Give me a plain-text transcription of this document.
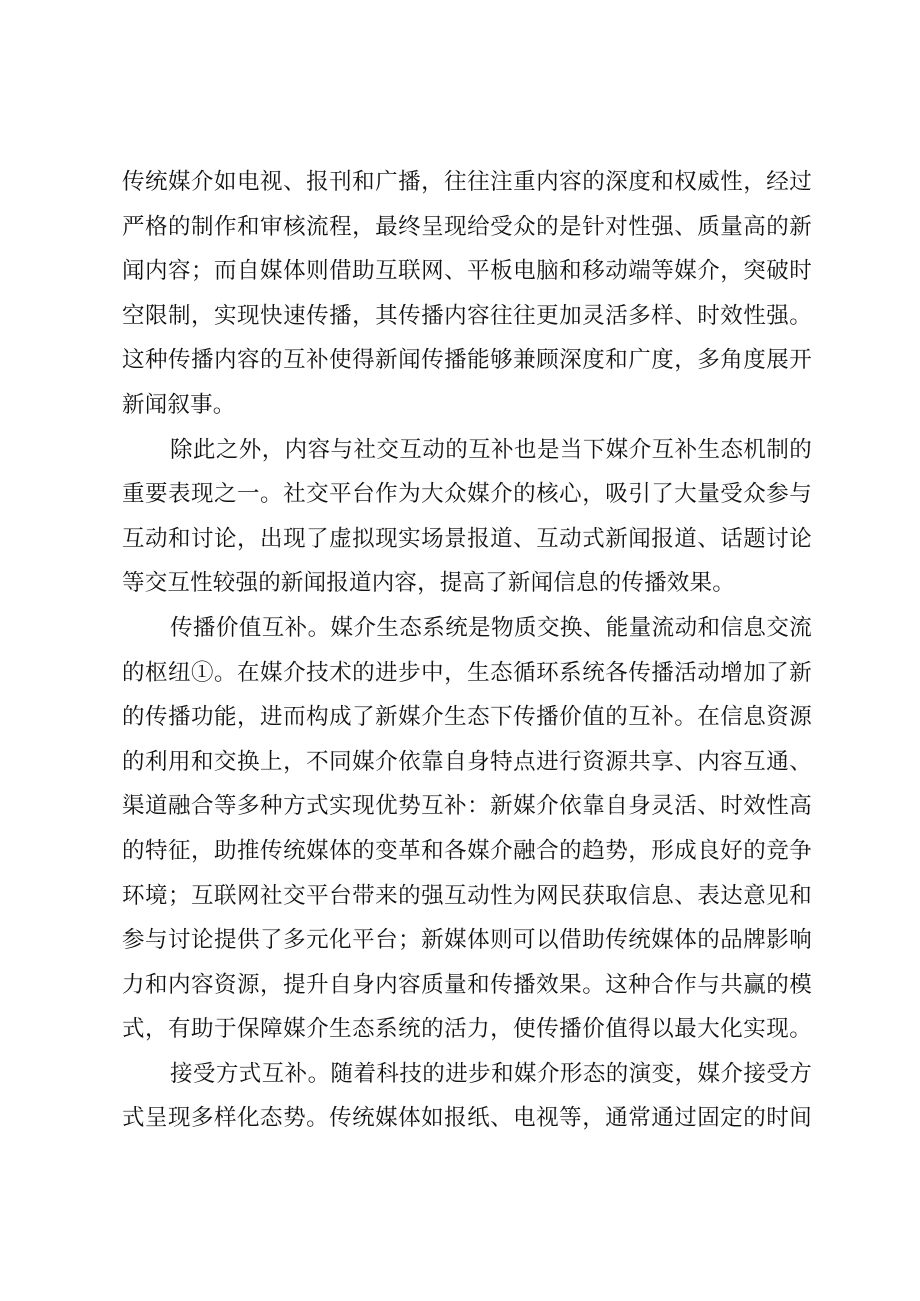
传统媒介如电视、报刊和广播，往往注重内容的深度和权威性，经过
严格的制作和审核流程，最终呈现给受众的是针对性强、质量高的新
闻内容；而自媒体则借助互联网、平板电脑和移动端等媒介，突破时
空限制，实现快速传播，其传播内容往往更加灵活多样、时效性强。
这种传播内容的互补使得新闻传播能够兼顾深度和广度，多角度展开
新闻叙事。
除此之外，内容与社交互动的互补也是当下媒介互补生态机制的
重要表现之一。社交平台作为大众媒介的核心，吸引了大量受众参与
互动和讨论，出现了虚拟现实场景报道、互动式新闻报道、话题讨论
等交互性较强的新闻报道内容，提高了新闻信息的传播效果。
传播价值互补。媒介生态系统是物质交换、能量流动和信息交流
的枢纽①。在媒介技术的进步中，生态循环系统各传播活动增加了新
的传播功能，进而构成了新媒介生态下传播价值的互补。在信息资源
的利用和交换上，不同媒介依靠自身特点进行资源共享、内容互通、
渠道融合等多种方式实现优势互补：新媒介依靠自身灵活、时效性高
的特征，助推传统媒体的变革和各媒介融合的趋势，形成良好的竞争
环境；互联网社交平台带来的强互动性为网民获取信息、表达意见和
参与讨论提供了多元化平台；新媒体则可以借助传统媒体的品牌影响
力和内容资源，提升自身内容质量和传播效果。这种合作与共赢的模
式，有助于保障媒介生态系统的活力，使传播价值得以最大化实现。
接受方式互补。随着科技的进步和媒介形态的演变，媒介接受方
式呈现多样化态势。传统媒体如报纸、电视等，通常通过固定的时间
